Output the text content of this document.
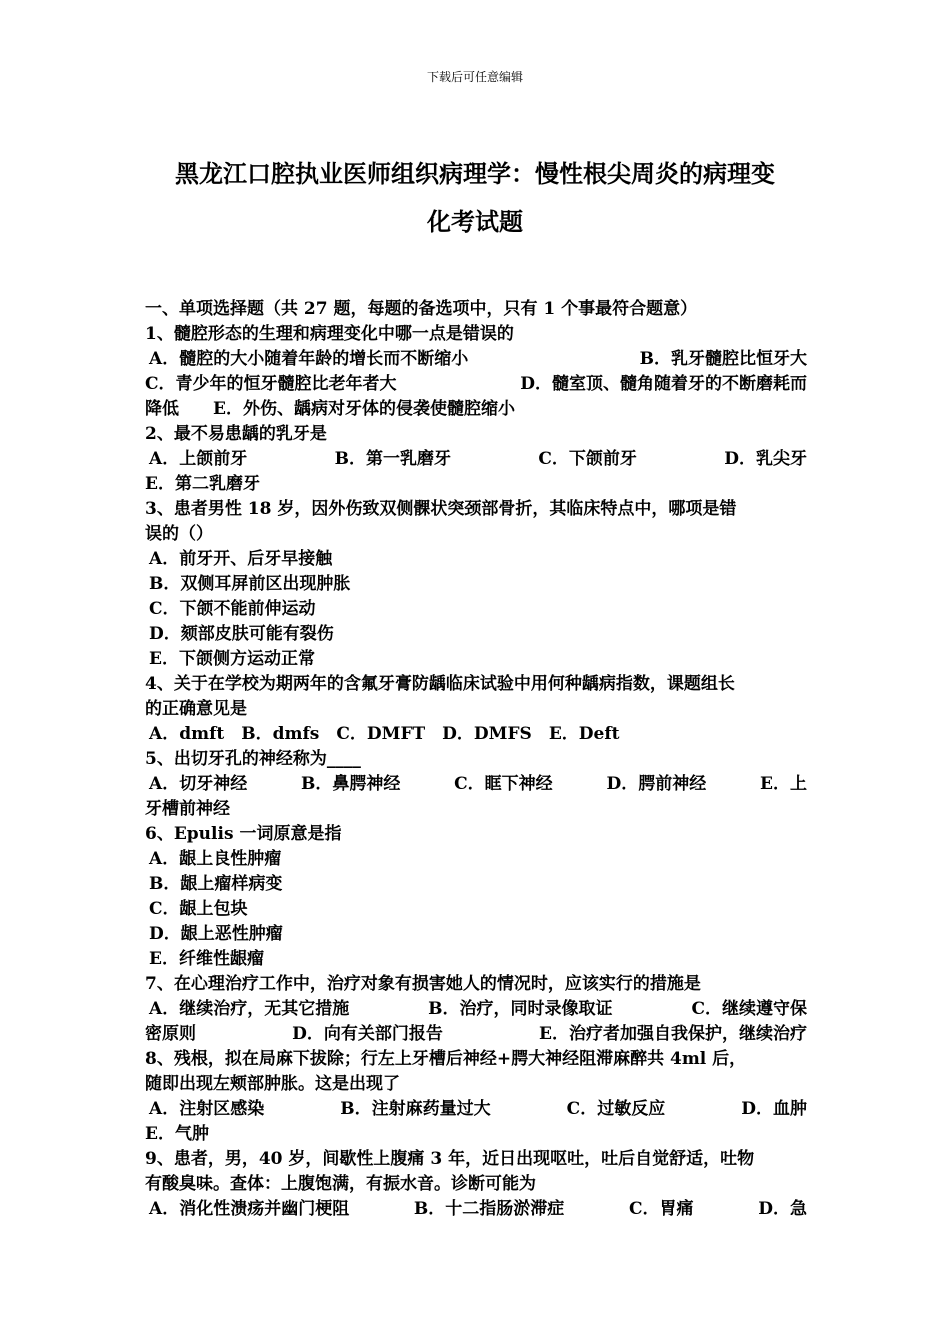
下载后可任意编辑
黑龙江口腔执业医师组织病理学：慢性根尖周炎的病理变
化考试题
一、单项选择题（共 27 题，每题的备选项中，只有 1 个事最符合题意）
1、髓腔形态的生理和病理变化中哪一点是错误的
A．髓腔的大小随着年龄的增长而不断缩小	B．乳牙髓腔比恒牙大
C．青少年的恒牙髓腔比老年者大	D．髓室顶、髓角随着牙的不断磨耗而
降低　　E．外伤、龋病对牙体的侵袭使髓腔缩小
2、最不易患龋的乳牙是
A．上颌前牙	B．第一乳磨牙	C．下颌前牙	D．乳尖牙
E．第二乳磨牙
3、患者男性 18 岁，因外伤致双侧髁状突颈部骨折，其临床特点中，哪项是错
误的（）
A．前牙开、后牙早接触
B．双侧耳屏前区出现肿胀
C．下颌不能前伸运动
D．颏部皮肤可能有裂伤
E．下颌侧方运动正常
4、关于在学校为期两年的含氟牙膏防龋临床试验中用何种龋病指数，课题组长
的正确意见是
A．dmft　B．dmfs　C．DMFT　D．DMFS　E．Deft
5、出切牙孔的神经称为____
A．切牙神经	B．鼻腭神经	C．眶下神经	D．腭前神经	E．上
牙槽前神经
6、Epulis 一词原意是指
A．龈上良性肿瘤
B．龈上瘤样病变
C．龈上包块
D．龈上恶性肿瘤
E．纤维性龈瘤
7、在心理治疗工作中，治疗对象有损害她人的情况时，应该实行的措施是
A．继续治疗，无其它措施	B．治疗，同时录像取证	C．继续遵守保
密原则	D．向有关部门报告	E．治疗者加强自我保护，继续治疗
8、残根，拟在局麻下拔除；行左上牙槽后神经+腭大神经阻滞麻醉共 4ml 后，
随即出现左颊部肿胀。这是出现了
A．注射区感染	B．注射麻药量过大	C．过敏反应	D．血肿
E．气肿
9、患者，男，40 岁，间歇性上腹痛 3 年，近日出现呕吐，吐后自觉舒适，吐物
有酸臭味。查体：上腹饱满，有振水音。诊断可能为
A．消化性溃疡并幽门梗阻	B．十二指肠淤滞症	C．胃痛	D．急
